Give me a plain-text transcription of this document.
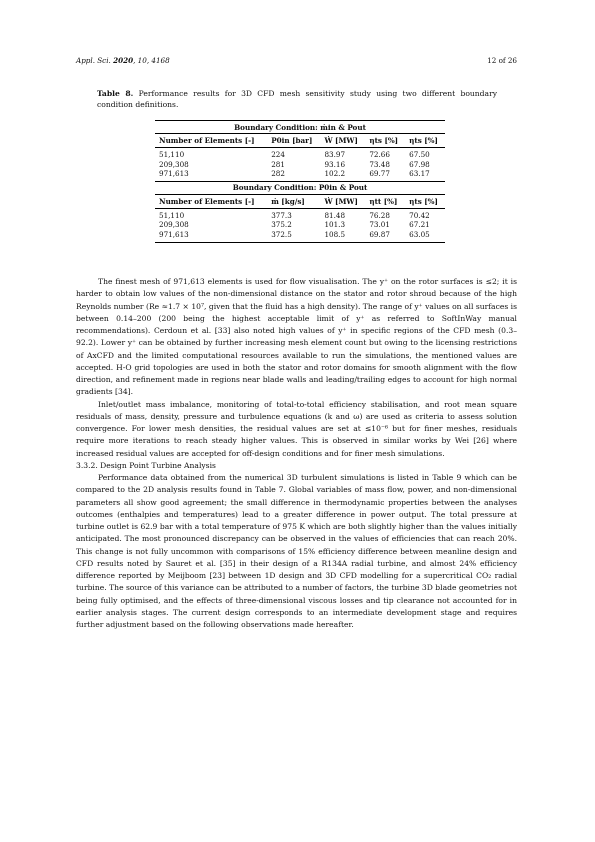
Appl. Sci. 2020, 10, 4168	12 of 26
Table 8. Performance results for 3D CFD mesh sensitivity study using two different boundary condition definitions.
Boundary Condition: ṁin & Pout				
Number of Elements [-]	P0in [bar]	Ẇ [MW]	ηts [%]	ηts [%]
51,110	224	83.97	72.66	67.50
209,308	281	93.16	73.48	67.98
971,613	282	102.2	69.77	63.17
Boundary Condition: P0in & Pout				
Number of Elements [-]	ṁ [kg/s]	Ẇ [MW]	ηtt [%]	ηts [%]
51,110	377.3	81.48	76.28	70.42
209,308	375.2	101.3	73.01	67.21
971,613	372.5	108.5	69.87	63.05

The finest mesh of 971,613 elements is used for flow visualisation. The y⁺ on the rotor surfaces is ≤2; it is harder to obtain low values of the non-dimensional distance on the stator and rotor shroud because of the high Reynolds number (Re ≈1.7 × 10⁷, given that the fluid has a high density). The range of y⁺ values on all surfaces is between 0.14–200 (200 being the highest acceptable limit of y⁺ as referred to SoftInWay manual recommendations). Cerdoun et al. [33] also noted high values of y⁺ in specific regions of the CFD mesh (0.3–92.2). Lower y⁺ can be obtained by further increasing mesh element count but owing to the licensing restrictions of AxCFD and the limited computational resources available to run the simulations, the mentioned values are accepted. H-O grid topologies are used in both the stator and rotor domains for smooth alignment with the flow direction, and refinement made in regions near blade walls and leading/trailing edges to account for high normal gradients [34].

Inlet/outlet mass imbalance, monitoring of total-to-total efficiency stabilisation, and root mean square residuals of mass, density, pressure and turbulence equations (k and ω) are used as criteria to assess solution convergence. For lower mesh densities, the residual values are set at ≤10⁻⁶ but for finer meshes, residuals require more iterations to reach steady higher values. This is observed in similar works by Wei [26] where increased residual values are accepted for off-design conditions and for finer mesh simulations.

3.3.2. Design Point Turbine Analysis

Performance data obtained from the numerical 3D turbulent simulations is listed in Table 9 which can be compared to the 2D analysis results found in Table 7. Global variables of mass flow, power, and non-dimensional parameters all show good agreement; the small difference in thermodynamic properties between the analyses outcomes (enthalpies and temperatures) lead to a greater difference in power output. The total pressure at turbine outlet is 62.9 bar with a total temperature of 975 K which are both slightly higher than the values initially anticipated. The most pronounced discrepancy can be observed in the values of efficiencies that can reach 20%. This change is not fully uncommon with comparisons of 15% efficiency difference between meanline design and CFD results noted by Sauret et al. [35] in their design of a R134A radial turbine, and almost 24% efficiency difference reported by Meijboom [23] between 1D design and 3D CFD modelling for a supercritical CO₂ radial turbine. The source of this variance can be attributed to a number of factors, the turbine 3D blade geometries not being fully optimised, and the effects of three-dimensional viscous losses and tip clearance not accounted for in earlier analysis stages. The current design corresponds to an intermediate development stage and requires further adjustment based on the following observations made hereafter.
